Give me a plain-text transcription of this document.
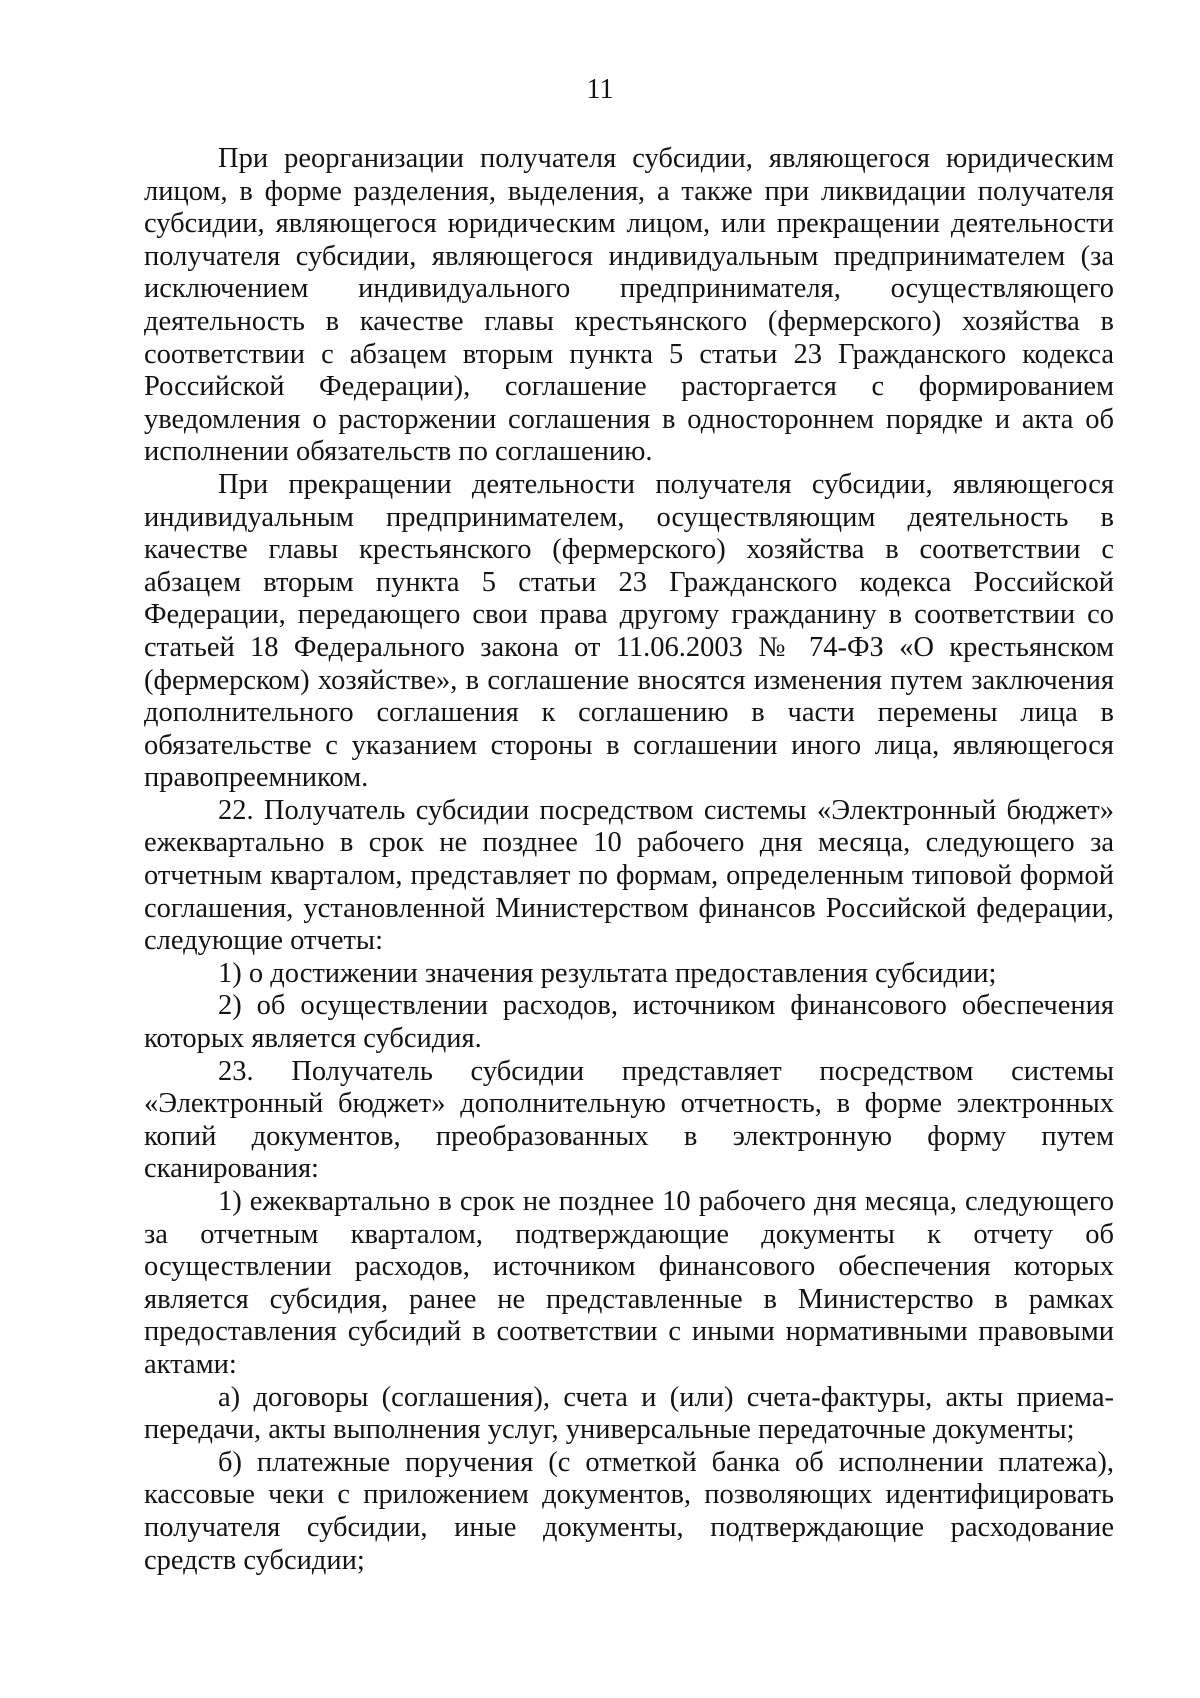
11

При реорганизации получателя субсидии, являющегося юридическим лицом, в форме разделения, выделения, а также при ликвидации получателя субсидии, являющегося юридическим лицом, или прекращении деятельности получателя субсидии, являющегося индивидуальным предпринимателем (за исключением индивидуального предпринимателя, осуществляющего деятельность в качестве главы крестьянского (фермерского) хозяйства в соответствии с абзацем вторым пункта 5 статьи 23 Гражданского кодекса Российской Федерации), соглашение расторгается с формированием уведомления о расторжении соглашения в одностороннем порядке и акта об исполнении обязательств по соглашению.

При прекращении деятельности получателя субсидии, являющегося индивидуальным предпринимателем, осуществляющим деятельность в качестве главы крестьянского (фермерского) хозяйства в соответствии с абзацем вторым пункта 5 статьи 23 Гражданского кодекса Российской Федерации, передающего свои права другому гражданину в соответствии со статьей 18 Федерального закона от 11.06.2003 № 74-ФЗ «О крестьянском (фермерском) хозяйстве», в соглашение вносятся изменения путем заключения дополнительного соглашения к соглашению в части перемены лица в обязательстве с указанием стороны в соглашении иного лица, являющегося правопреемником.

22. Получатель субсидии посредством системы «Электронный бюджет» ежеквартально в срок не позднее 10 рабочего дня месяца, следующего за отчетным кварталом, представляет по формам, определенным типовой формой соглашения, установленной Министерством финансов Российской федерации, следующие отчеты:

1) о достижении значения результата предоставления субсидии;

2) об осуществлении расходов, источником финансового обеспечения которых является субсидия.

23. Получатель субсидии представляет посредством системы «Электронный бюджет» дополнительную отчетность, в форме электронных копий документов, преобразованных в электронную форму путем сканирования:

1) ежеквартально в срок не позднее 10 рабочего дня месяца, следующего за отчетным кварталом, подтверждающие документы к отчету об осуществлении расходов, источником финансового обеспечения которых является субсидия, ранее не представленные в Министерство в рамках предоставления субсидий в соответствии с иными нормативными правовыми актами:

а) договоры (соглашения), счета и (или) счета-фактуры, акты приема-передачи, акты выполнения услуг, универсальные передаточные документы;

б) платежные поручения (с отметкой банка об исполнении платежа), кассовые чеки с приложением документов, позволяющих идентифицировать получателя субсидии, иные документы, подтверждающие расходование средств субсидии;
